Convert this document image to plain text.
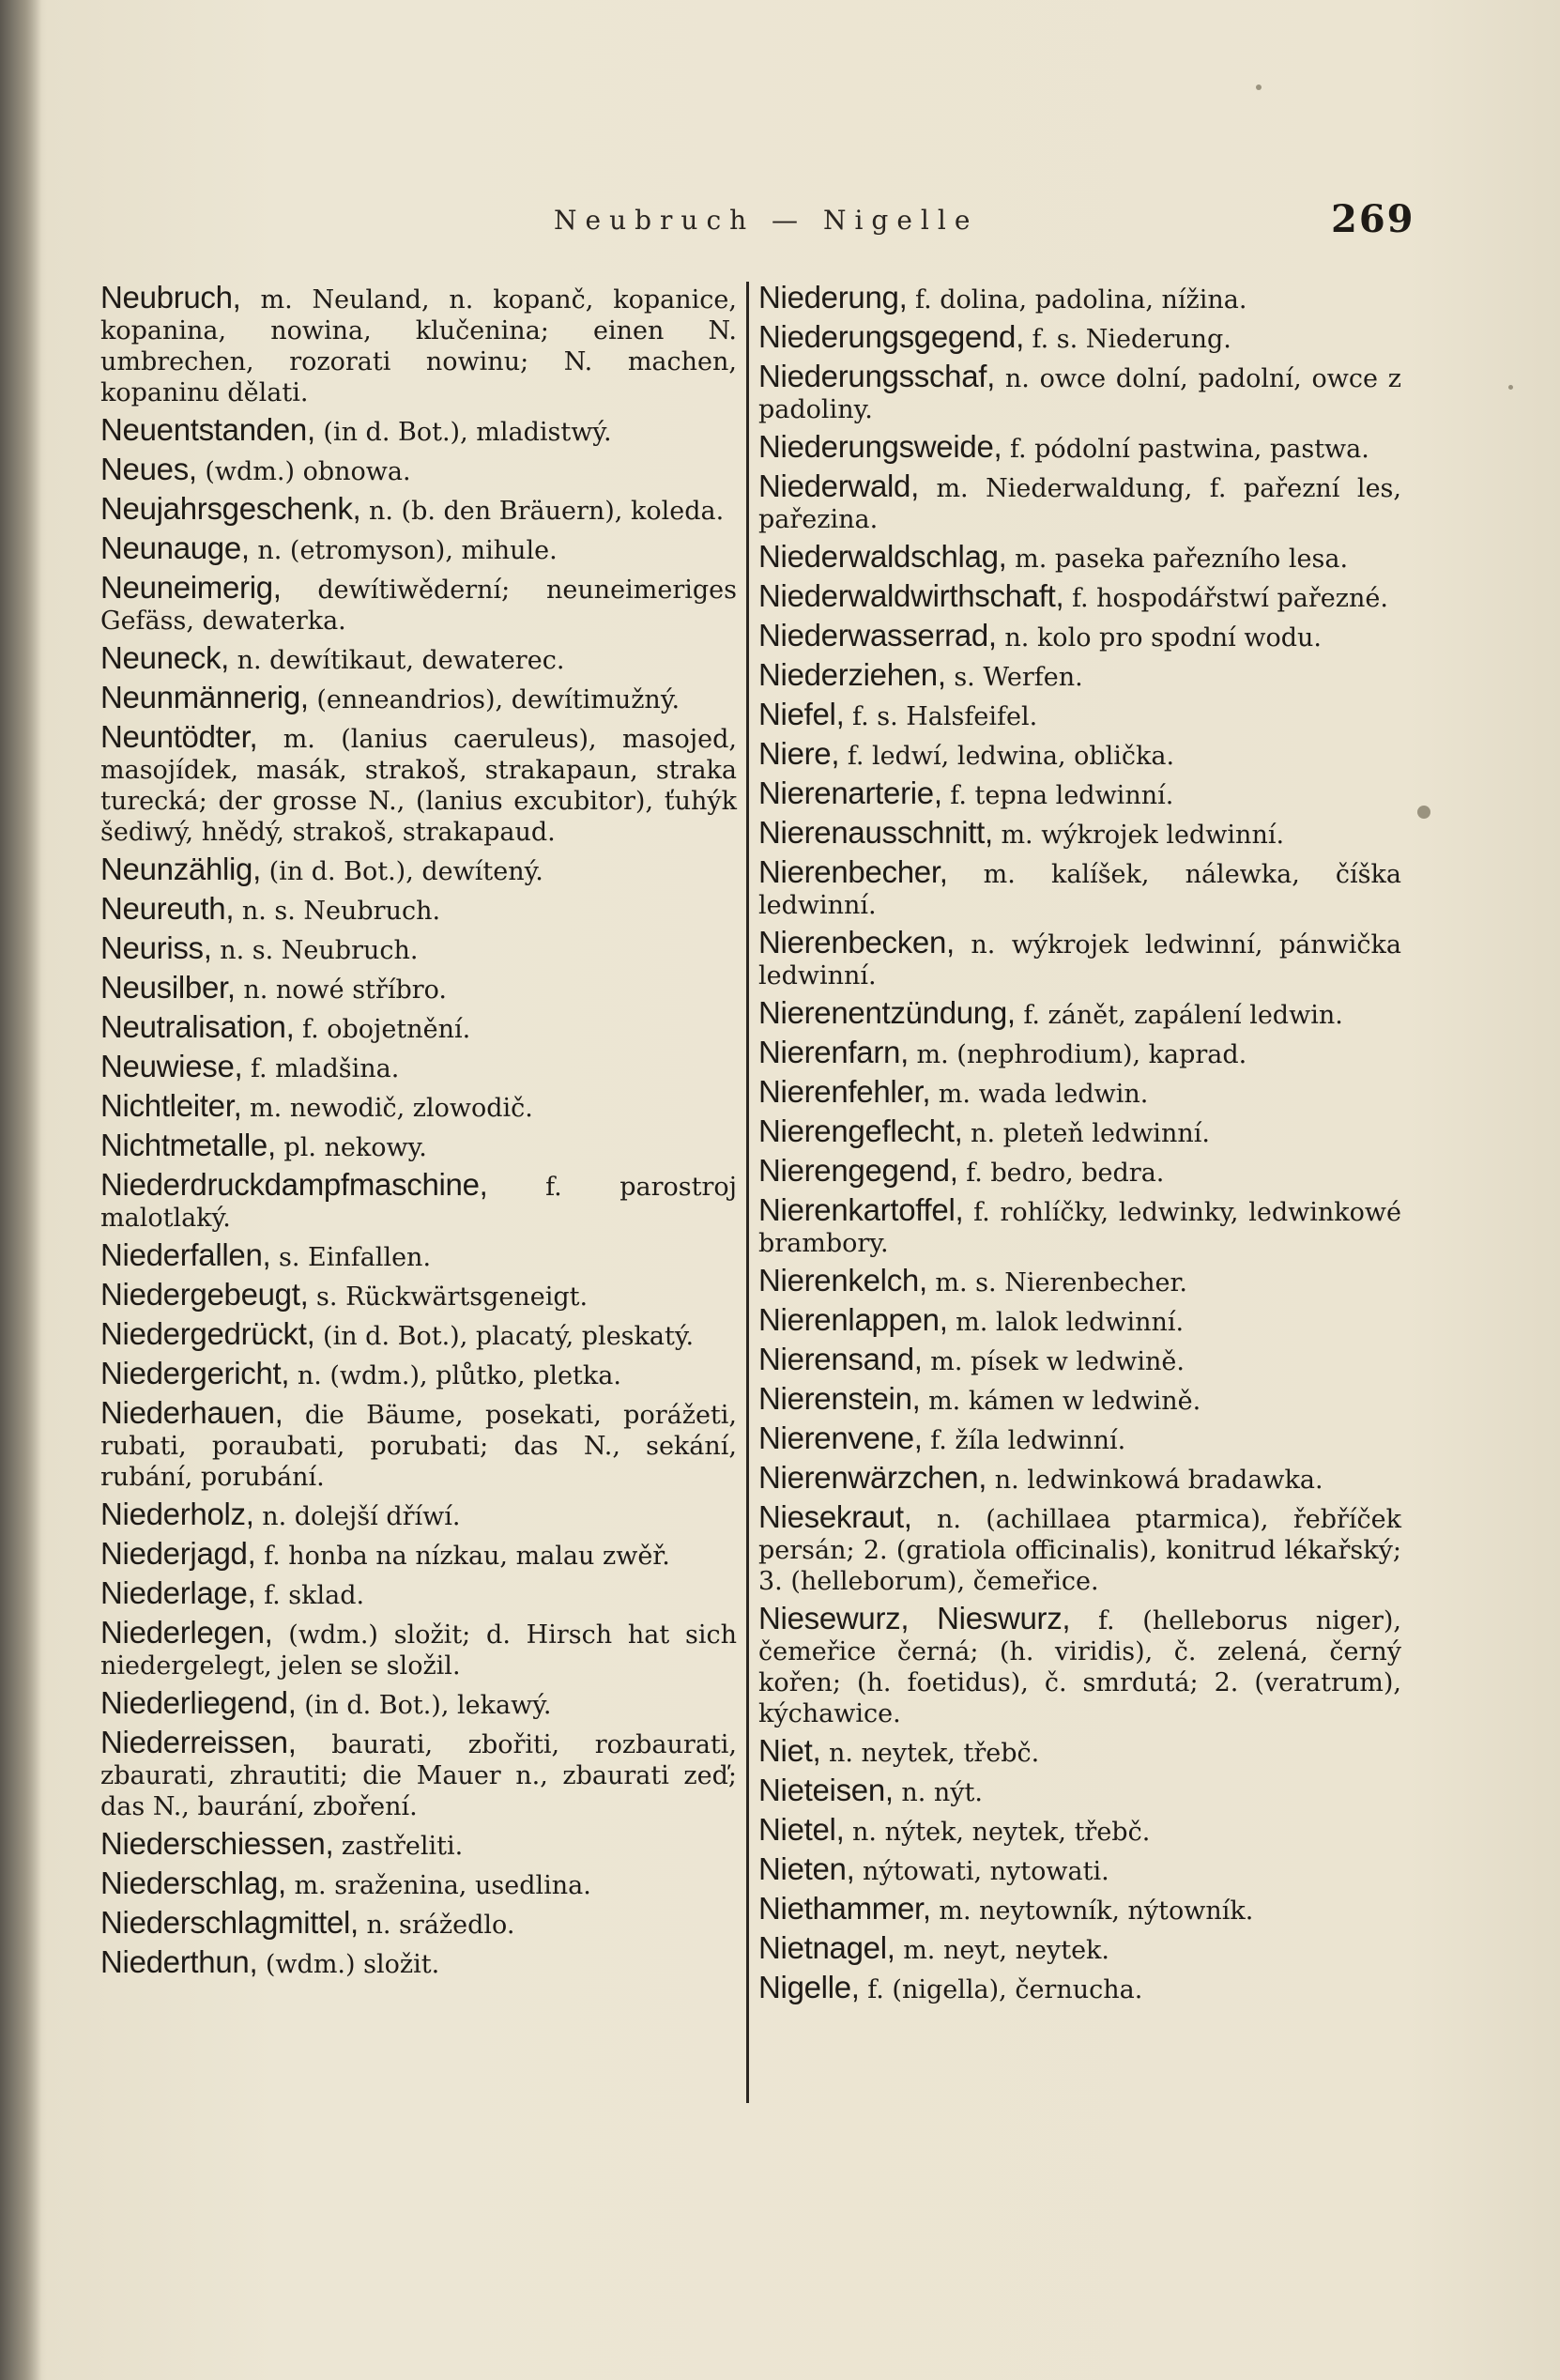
Neubruch — Nigelle	269
Neubruch, m. Neuland, n. kopanč, kopanice, kopanina, nowina, klučenina; einen N. umbrechen, rozorati nowinu; N. machen, kopaninu dělati.
Neuentstanden, (in d. Bot.), mladistwý.
Neues, (wdm.) obnowa.
Neujahrsgeschenk, n. (b. den Bräuern), koleda.
Neunauge, n. (etromyson), mihule.
Neuneimerig, dewítiwěderní; neuneimeriges Gefäss, dewaterka.
Neuneck, n. dewítikaut, dewaterec.
Neunmännerig, (enneandrios), dewítimužný.
Neuntödter, m. (lanius caeruleus), masojed, masojídek, masák, strakoš, strakapaun, straka turecká; der grosse N., (lanius excubitor), ťuhýk šediwý, hnědý, strakoš, strakapaud.
Neunzählig, (in d. Bot.), dewítený.
Neureuth, n. s. Neubruch.
Neuriss, n. s. Neubruch.
Neusilber, n. nowé stříbro.
Neutralisation, f. obojetnění.
Neuwiese, f. mladšina.
Nichtleiter, m. newodič, zlowodič.
Nichtmetalle, pl. nekowy.
Niederdruckdampfmaschine, f. parostroj malotlaký.
Niederfallen, s. Einfallen.
Niedergebeugt, s. Rückwärtsgeneigt.
Niedergedrückt, (in d. Bot.), placatý, pleskatý.
Niedergericht, n. (wdm.), plůtko, pletka.
Niederhauen, die Bäume, posekati, porážeti, rubati, poraubati, porubati; das N., sekání, rubání, porubání.
Niederholz, n. dolejší dříwí.
Niederjagd, f. honba na nízkau, malau zwěř.
Niederlage, f. sklad.
Niederlegen, (wdm.) složit; d. Hirsch hat sich niedergelegt, jelen se složil.
Niederliegend, (in d. Bot.), lekawý.
Niederreissen, baurati, zbořiti, rozbaurati, zbaurati, zhrautiti; die Mauer n., zbaurati zeď; das N., baurání, zboření.
Niederschiessen, zastřeliti.
Niederschlag, m. sraženina, usedlina.
Niederschlagmittel, n. srážedlo.
Niederthun, (wdm.) složit.
Niederung, f. dolina, padolina, nížina.
Niederungsgegend, f. s. Niederung.
Niederungsschaf, n. owce dolní, padolní, owce z padoliny.
Niederungsweide, f. pódolní pastwina, pastwa.
Niederwald, m. Niederwaldung, f. pařezní les, pařezina.
Niederwaldschlag, m. paseka pařezního lesa.
Niederwaldwirthschaft, f. hospodářstwí pařezné.
Niederwasserrad, n. kolo pro spodní wodu.
Niederziehen, s. Werfen.
Niefel, f. s. Halsfeifel.
Niere, f. ledwí, ledwina, oblička.
Nierenarterie, f. tepna ledwinní.
Nierenausschnitt, m. wýkrojek ledwinní.
Nierenbecher, m. kalíšek, nálewka, číška ledwinní.
Nierenbecken, n. wýkrojek ledwinní, pánwička ledwinní.
Nierenentzündung, f. zánět, zapálení ledwin.
Nierenfarn, m. (nephrodium), kaprad.
Nierenfehler, m. wada ledwin.
Nierengeflecht, n. pleteň ledwinní.
Nierengegend, f. bedro, bedra.
Nierenkartoffel, f. rohlíčky, ledwinky, ledwinkowé brambory.
Nierenkelch, m. s. Nierenbecher.
Nierenlappen, m. lalok ledwinní.
Nierensand, m. písek w ledwině.
Nierenstein, m. kámen w ledwině.
Nierenvene, f. žíla ledwinní.
Nierenwärzchen, n. ledwinkowá bradawka.
Niesekraut, n. (achillaea ptarmica), řebříček persán; 2. (gratiola officinalis), konitrud lékařský; 3. (helleborum), čemeřice.
Niesewurz, Nieswurz, f. (helleborus niger), čemeřice černá; (h. viridis), č. zelená, černý kořen; (h. foetidus), č. smrdutá; 2. (veratrum), kýchawice.
Niet, n. neytek, třebč.
Nieteisen, n. nýt.
Nietel, n. nýtek, neytek, třebč.
Nieten, nýtowati, nytowati.
Niethammer, m. neytowník, nýtowník.
Nietnagel, m. neyt, neytek.
Nigelle, f. (nigella), černucha.
